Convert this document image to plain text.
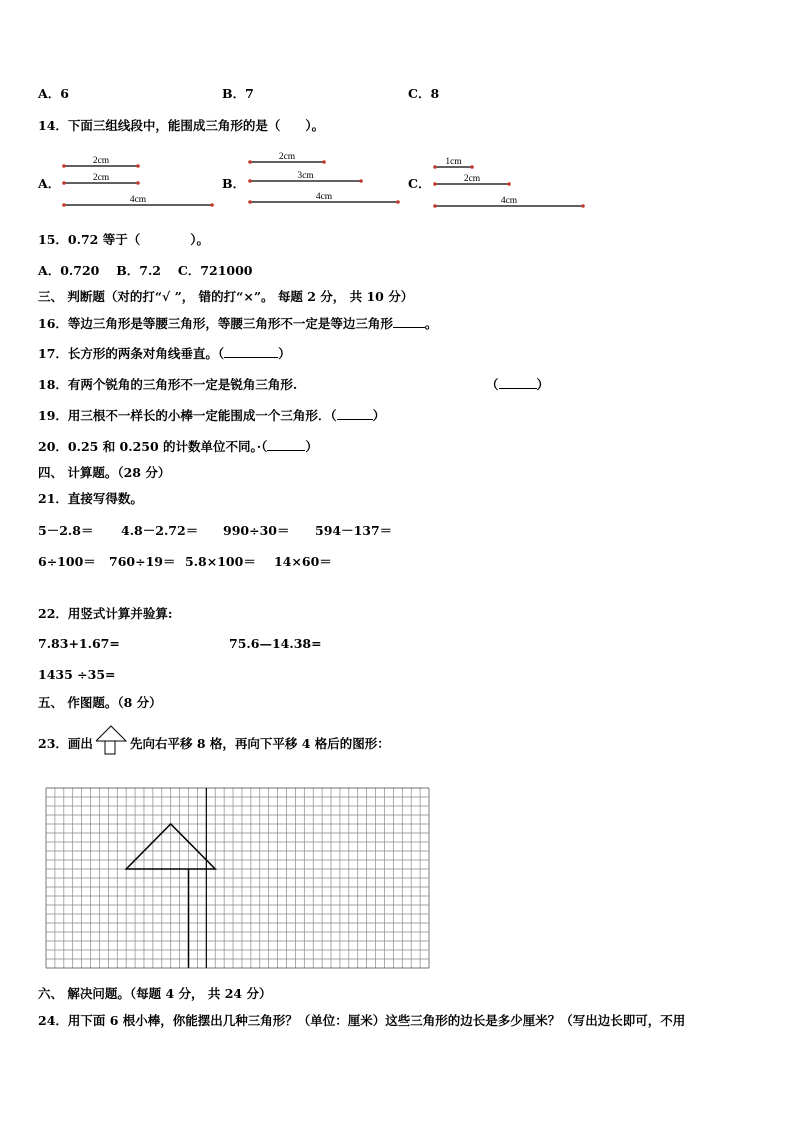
A．6	B．7	C．8
14．下面三组线段中，能围成三角形的是（　　）。
A．	B．	C．
2cm
2cm
4cm
2cm
3cm
4cm
1cm
2cm
4cm
15．0.72 等于（　　　　）。
A．0.720　 B．7.2　 C．721000
三、 判断题（对的打“√ ”， 错的打“×”。 每题 2 分， 共 10 分）
16．等边三角形是等腰三角形，等腰三角形不一定是等边三角形	。
17．长方形的两条对角线垂直。（	）
18．有两个锐角的三角形不一定是锐角三角形.	（	）
19．用三根不一样长的小棒一定能围成一个三角形．（	）
20．0.25 和 0.250 的计数单位不同。·（	）
四、 计算题。（28 分）
21．直接写得数。
5－2.8＝ 4.8－2.72＝ 990÷30＝ 594－137＝
6÷100＝ 760÷19＝ 5.8×100＝ 14×60＝
22．用竖式计算并验算:
7.83+1.67=	75.6—14.38=
1435 ÷35=
五、 作图题。（8 分）
23．画出	先向右平移 8 格，再向下平移 4 格后的图形：
六、 解决问题。（每题 4 分， 共 24 分）
24．用下面 6 根小棒，你能摆出几种三角形？（单位：厘米）这些三角形的边长是多少厘米？（写出边长即可，不用
